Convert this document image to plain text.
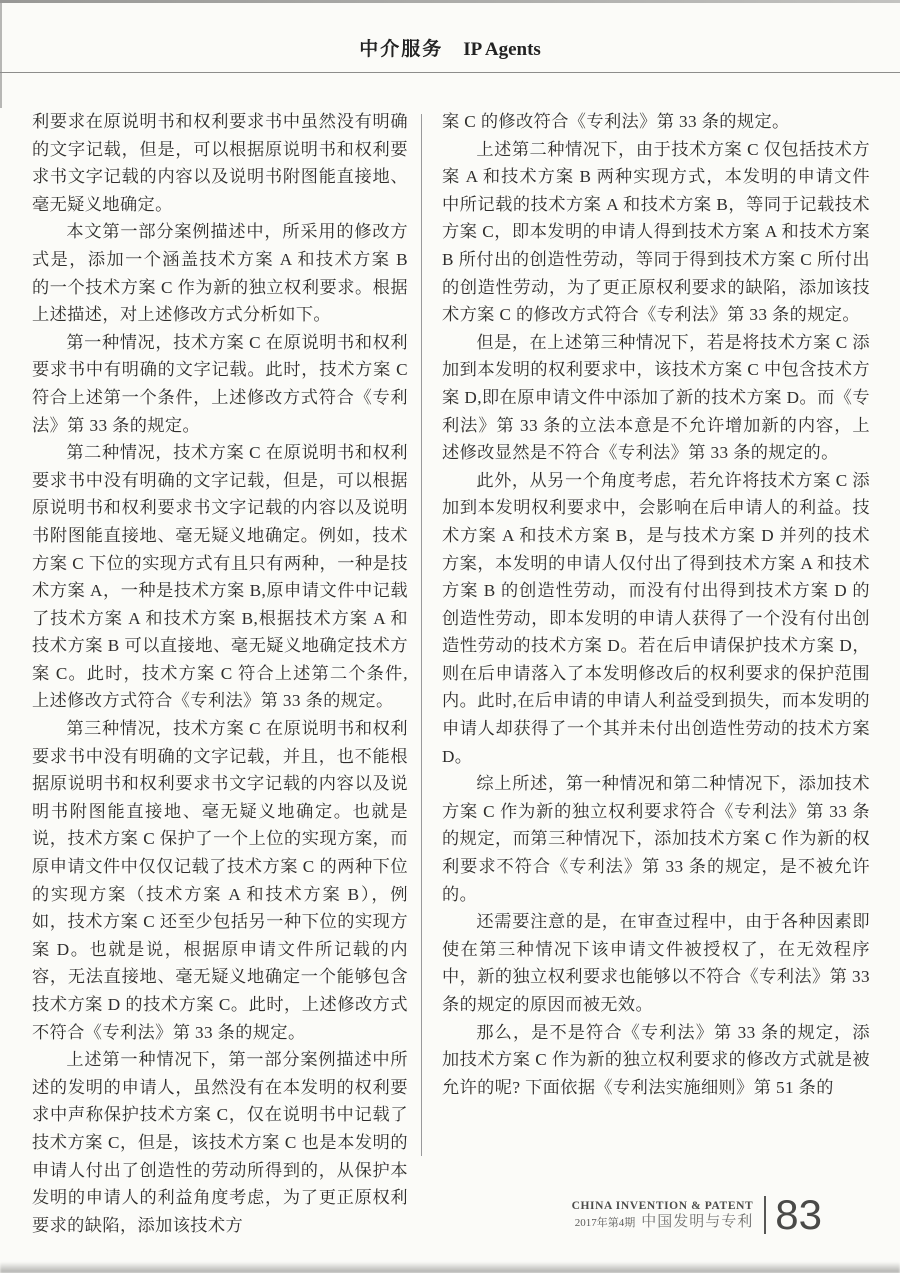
中介服务 IP Agents

利要求在原说明书和权利要求书中虽然没有明确的文字记载，但是，可以根据原说明书和权利要求书文字记载的内容以及说明书附图能直接地、毫无疑义地确定。

本文第一部分案例描述中，所采用的修改方式是，添加一个涵盖技术方案 A 和技术方案 B 的一个技术方案 C 作为新的独立权利要求。根据上述描述，对上述修改方式分析如下。

第一种情况，技术方案 C 在原说明书和权利要求书中有明确的文字记载。此时，技术方案 C 符合上述第一个条件，上述修改方式符合《专利法》第 33 条的规定。

第二种情况，技术方案 C 在原说明书和权利要求书中没有明确的文字记载，但是，可以根据原说明书和权利要求书文字记载的内容以及说明书附图能直接地、毫无疑义地确定。例如，技术方案 C 下位的实现方式有且只有两种，一种是技术方案 A，一种是技术方案 B,原申请文件中记载了技术方案 A 和技术方案 B,根据技术方案 A 和技术方案 B 可以直接地、毫无疑义地确定技术方案 C。此时，技术方案 C 符合上述第二个条件,上述修改方式符合《专利法》第 33 条的规定。

第三种情况，技术方案 C 在原说明书和权利要求书中没有明确的文字记载，并且，也不能根据原说明书和权利要求书文字记载的内容以及说明书附图能直接地、毫无疑义地确定。也就是说，技术方案 C 保护了一个上位的实现方案，而原申请文件中仅仅记载了技术方案 C 的两种下位的实现方案（技术方案 A 和技术方案 B），例如，技术方案 C 还至少包括另一种下位的实现方案 D。也就是说，根据原申请文件所记载的内容，无法直接地、毫无疑义地确定一个能够包含技术方案 D 的技术方案 C。此时，上述修改方式不符合《专利法》第 33 条的规定。

上述第一种情况下，第一部分案例描述中所述的发明的申请人，虽然没有在本发明的权利要求中声称保护技术方案 C，仅在说明书中记载了技术方案 C，但是，该技术方案 C 也是本发明的申请人付出了创造性的劳动所得到的，从保护本发明的申请人的利益角度考虑，为了更正原权利要求的缺陷，添加该技术方

案 C 的修改符合《专利法》第 33 条的规定。

上述第二种情况下，由于技术方案 C 仅包括技术方案 A 和技术方案 B 两种实现方式，本发明的申请文件中所记载的技术方案 A 和技术方案 B，等同于记载技术方案 C，即本发明的申请人得到技术方案 A 和技术方案 B 所付出的创造性劳动，等同于得到技术方案 C 所付出的创造性劳动，为了更正原权利要求的缺陷，添加该技术方案 C 的修改方式符合《专利法》第 33 条的规定。

但是，在上述第三种情况下，若是将技术方案 C 添加到本发明的权利要求中，该技术方案 C 中包含技术方案 D,即在原申请文件中添加了新的技术方案 D。而《专利法》第 33 条的立法本意是不允许增加新的内容，上述修改显然是不符合《专利法》第 33 条的规定的。

此外，从另一个角度考虑，若允许将技术方案 C 添加到本发明权利要求中，会影响在后申请人的利益。技术方案 A 和技术方案 B，是与技术方案 D 并列的技术方案，本发明的申请人仅付出了得到技术方案 A 和技术方案 B 的创造性劳动，而没有付出得到技术方案 D 的创造性劳动，即本发明的申请人获得了一个没有付出创造性劳动的技术方案 D。若在后申请保护技术方案 D，则在后申请落入了本发明修改后的权利要求的保护范围内。此时,在后申请的申请人利益受到损失，而本发明的申请人却获得了一个其并未付出创造性劳动的技术方案 D。

综上所述，第一种情况和第二种情况下，添加技术方案 C 作为新的独立权利要求符合《专利法》第 33 条的规定，而第三种情况下，添加技术方案 C 作为新的权利要求不符合《专利法》第 33 条的规定，是不被允许的。

还需要注意的是，在审查过程中，由于各种因素即使在第三种情况下该申请文件被授权了，在无效程序中，新的独立权利要求也能够以不符合《专利法》第 33 条的规定的原因而被无效。

那么，是不是符合《专利法》第 33 条的规定，添加技术方案 C 作为新的独立权利要求的修改方式就是被允许的呢? 下面依据《专利法实施细则》第 51 条的

CHINA INVENTION & PATENT
2017年第4期 中国发明与专利 83
